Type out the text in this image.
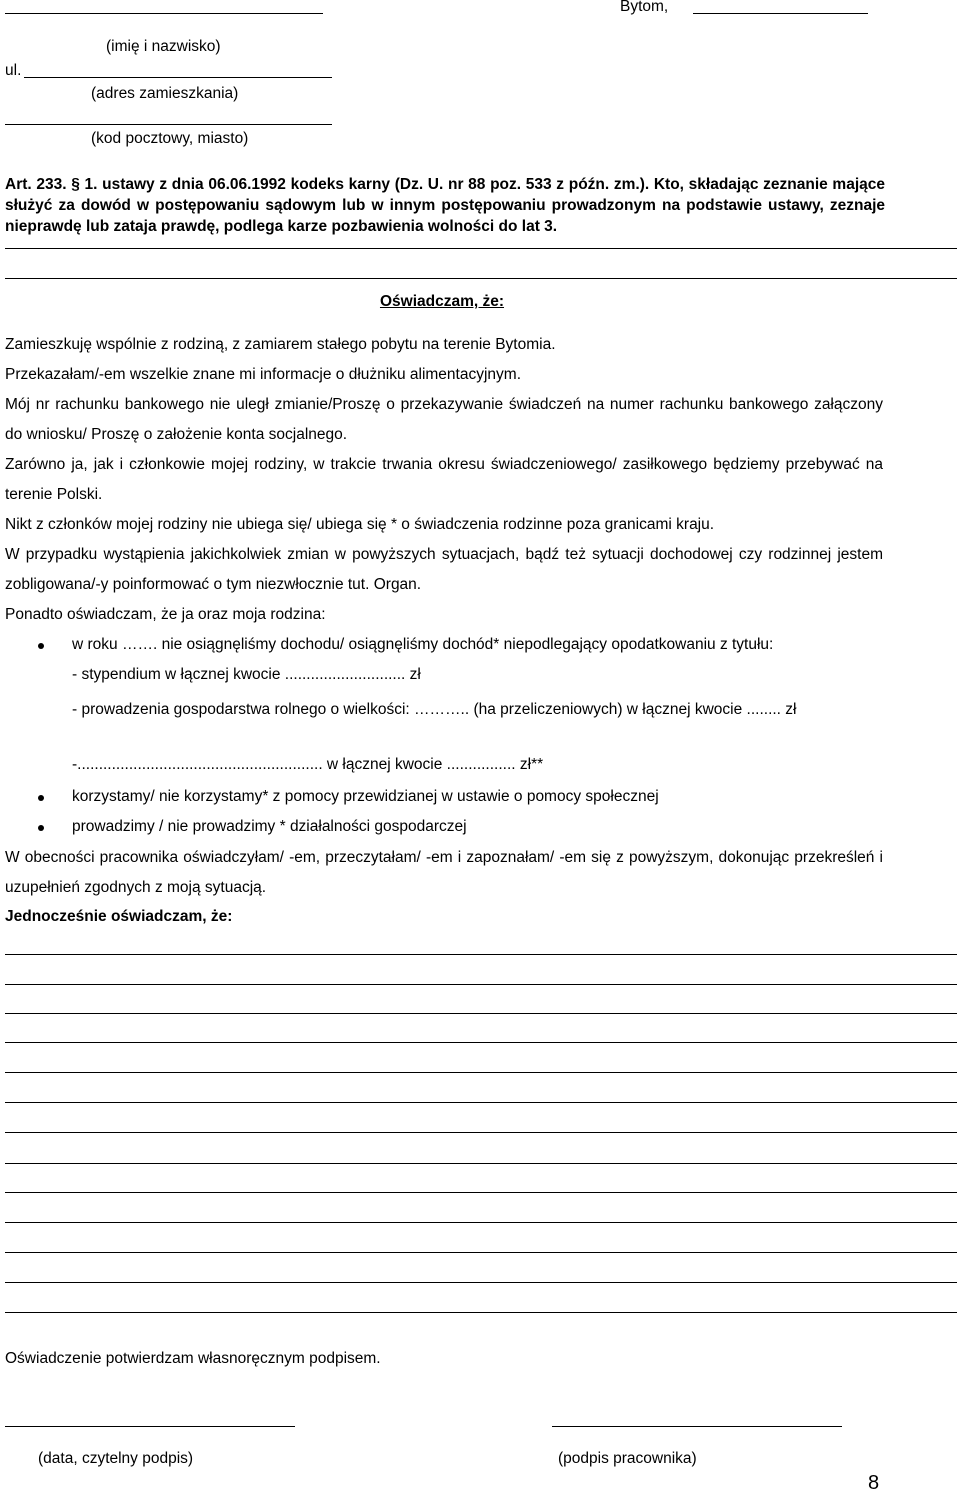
Bytom,
(imię i nazwisko)
ul.
(adres zamieszkania)
(kod pocztowy, miasto)
Art. 233. § 1. ustawy z dnia 06.06.1992 kodeks karny (Dz. U. nr 88 poz. 533 z późn. zm.). Kto, składając zeznanie mające służyć za dowód w postępowaniu sądowym lub w innym postępowaniu prowadzonym na podstawie ustawy, zeznaje nieprawdę lub zataja prawdę, podlega karze pozbawienia wolności do lat 3.
Oświadczam, że:
Zamieszkuję wspólnie z rodziną, z zamiarem stałego pobytu na terenie Bytomia.
Przekazałam/-em wszelkie znane mi informacje o dłużniku alimentacyjnym.
Mój nr rachunku bankowego nie uległ zmianie/Proszę o przekazywanie świadczeń na numer rachunku bankowego załączony do wniosku/ Proszę o założenie konta socjalnego.
Zarówno ja, jak i członkowie mojej rodziny, w trakcie trwania okresu świadczeniowego/ zasiłkowego będziemy przebywać na terenie Polski.
Nikt z członków mojej rodziny nie ubiega się/ ubiega się * o świadczenia rodzinne poza granicami kraju.
W przypadku wystąpienia jakichkolwiek zmian w powyższych sytuacjach, bądź też sytuacji dochodowej czy rodzinnej jestem zobligowana/-y poinformować o tym niezwłocznie tut. Organ.
Ponadto oświadczam, że ja oraz moja rodzina:
w roku ……. nie osiągnęliśmy dochodu/ osiągnęliśmy dochód* niepodlegający opodatkowaniu z tytułu:
- stypendium w łącznej kwocie ............................ zł
- prowadzenia gospodarstwa rolnego o wielkości: ……….. (ha przeliczeniowych) w łącznej kwocie ........ zł
-......................................................... w łącznej kwocie ................ zł**
korzystamy/ nie korzystamy* z pomocy przewidzianej w ustawie o pomocy społecznej
prowadzimy / nie prowadzimy * działalności gospodarczej
W obecności pracownika oświadczyłam/ -em, przeczytałam/ -em i zapoznałam/ -em się z powyższym, dokonując przekreśleń i uzupełnień zgodnych z moją sytuacją.
Jednocześnie oświadczam, że:
Oświadczenie potwierdzam własnoręcznym podpisem.
(data, czytelny podpis)	(podpis pracownika)
8
